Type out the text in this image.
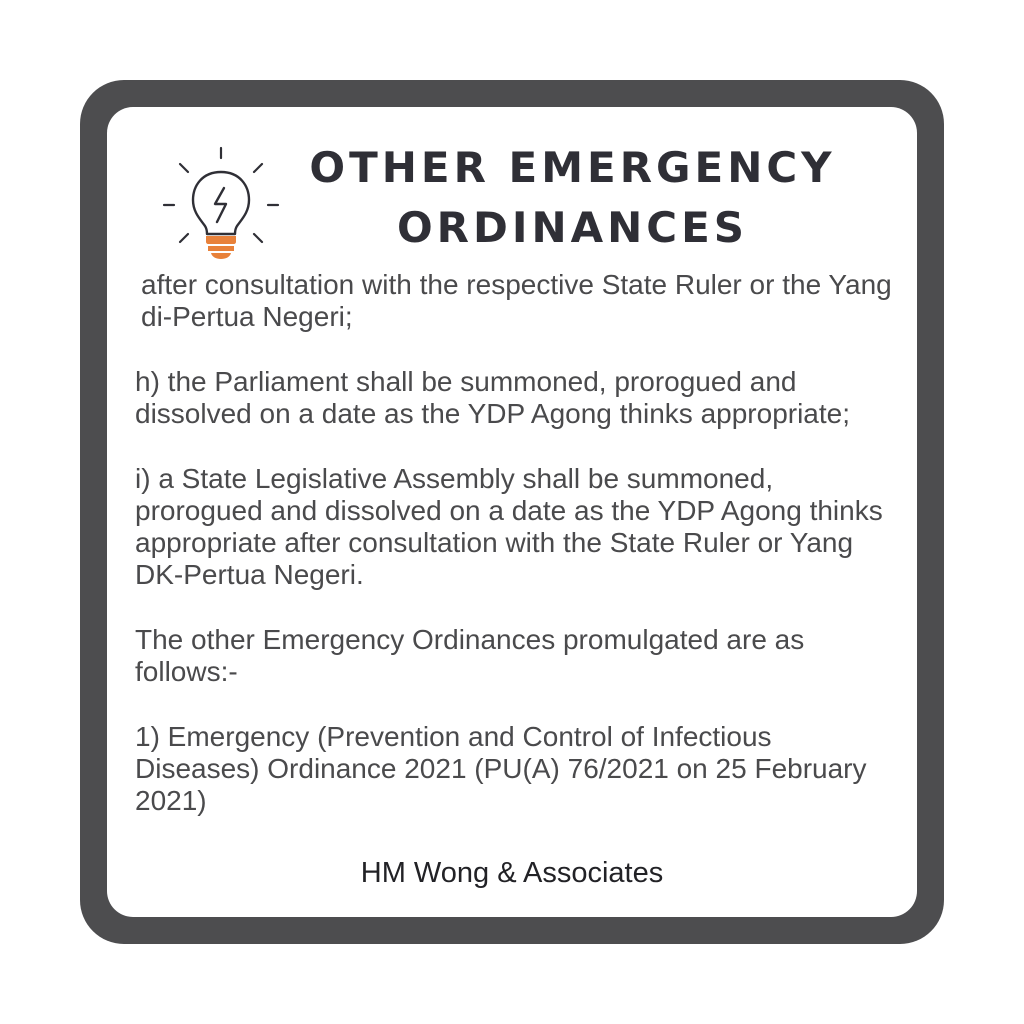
OTHER EMERGENCY
ORDINANCES

after consultation with the respective State Ruler or the Yang di-Pertua Negeri;

h) the Parliament shall be summoned, prorogued and dissolved on a date as the YDP Agong thinks appropriate;

i) a State Legislative Assembly shall be summoned, prorogued and dissolved on a date as the YDP Agong thinks appropriate after consultation with the State Ruler or Yang DK-Pertua Negeri.

The other Emergency Ordinances promulgated are as follows:-

1) Emergency (Prevention and Control of Infectious Diseases) Ordinance 2021 (PU(A) 76/2021 on 25 February 2021)

HM Wong & Associates
